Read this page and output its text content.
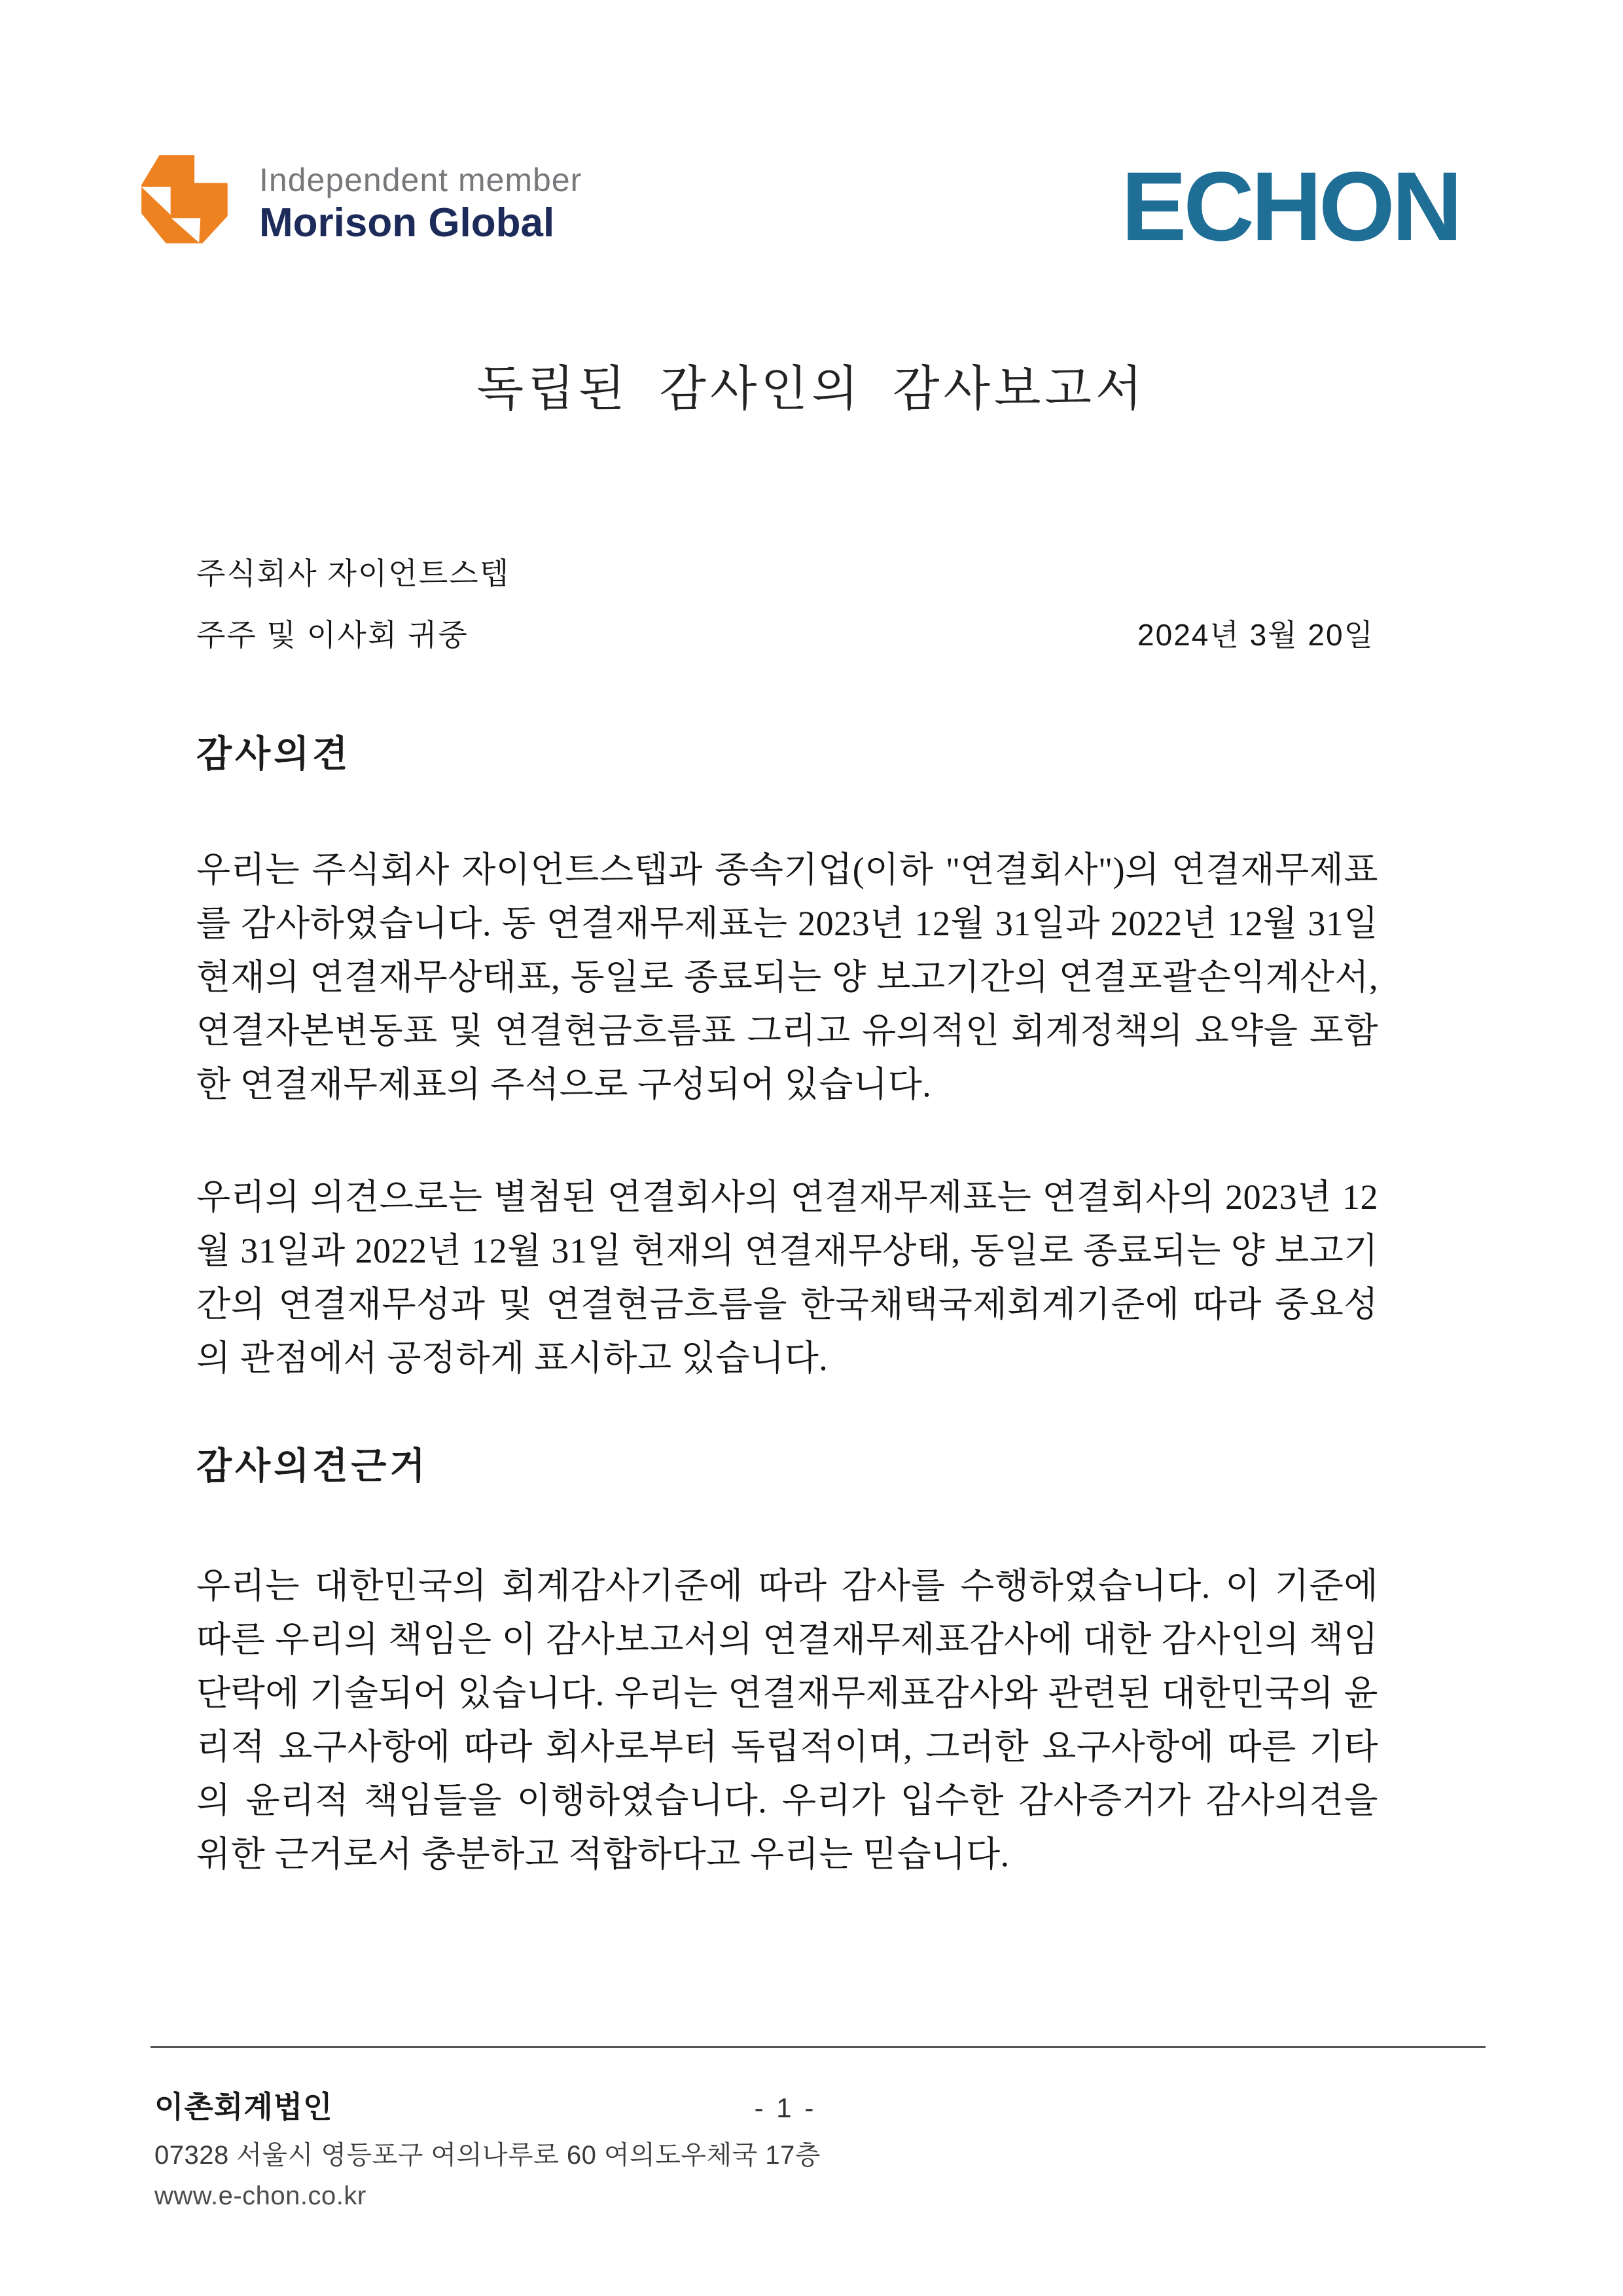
Independent member
Morison Global	ECHON
독립된 감사인의 감사보고서
주식회사 자이언트스텝
주주 및 이사회 귀중	2024년 3월 20일
감사의견

우리는 주식회사 자이언트스텝과 종속기업(이하 "연결회사")의 연결재무제표를 감사하였습니다. 동 연결재무제표는 2023년 12월 31일과 2022년 12월 31일 현재의 연결재무상태표, 동일로 종료되는 양 보고기간의 연결포괄손익계산서, 연결자본변동표 및 연결현금흐름표 그리고 유의적인 회계정책의 요약을 포함한 연결재무제표의 주석으로 구성되어 있습니다.

우리의 의견으로는 별첨된 연결회사의 연결재무제표는 연결회사의 2023년 12월 31일과 2022년 12월 31일 현재의 연결재무상태, 동일로 종료되는 양 보고기간의 연결재무성과 및 연결현금흐름을 한국채택국제회계기준에 따라 중요성의 관점에서 공정하게 표시하고 있습니다.

감사의견근거

우리는 대한민국의 회계감사기준에 따라 감사를 수행하였습니다. 이 기준에 따른 우리의 책임은 이 감사보고서의 연결재무제표감사에 대한 감사인의 책임 단락에 기술되어 있습니다. 우리는 연결재무제표감사와 관련된 대한민국의 윤리적 요구사항에 따라 회사로부터 독립적이며, 그러한 요구사항에 따른 기타의 윤리적 책임들을 이행하였습니다. 우리가 입수한 감사증거가 감사의견을 위한 근거로서 충분하고 적합하다고 우리는 믿습니다.

이촌회계법인	- 1 -
07328 서울시 영등포구 여의나루로 60 여의도우체국 17층
www.e-chon.co.kr
